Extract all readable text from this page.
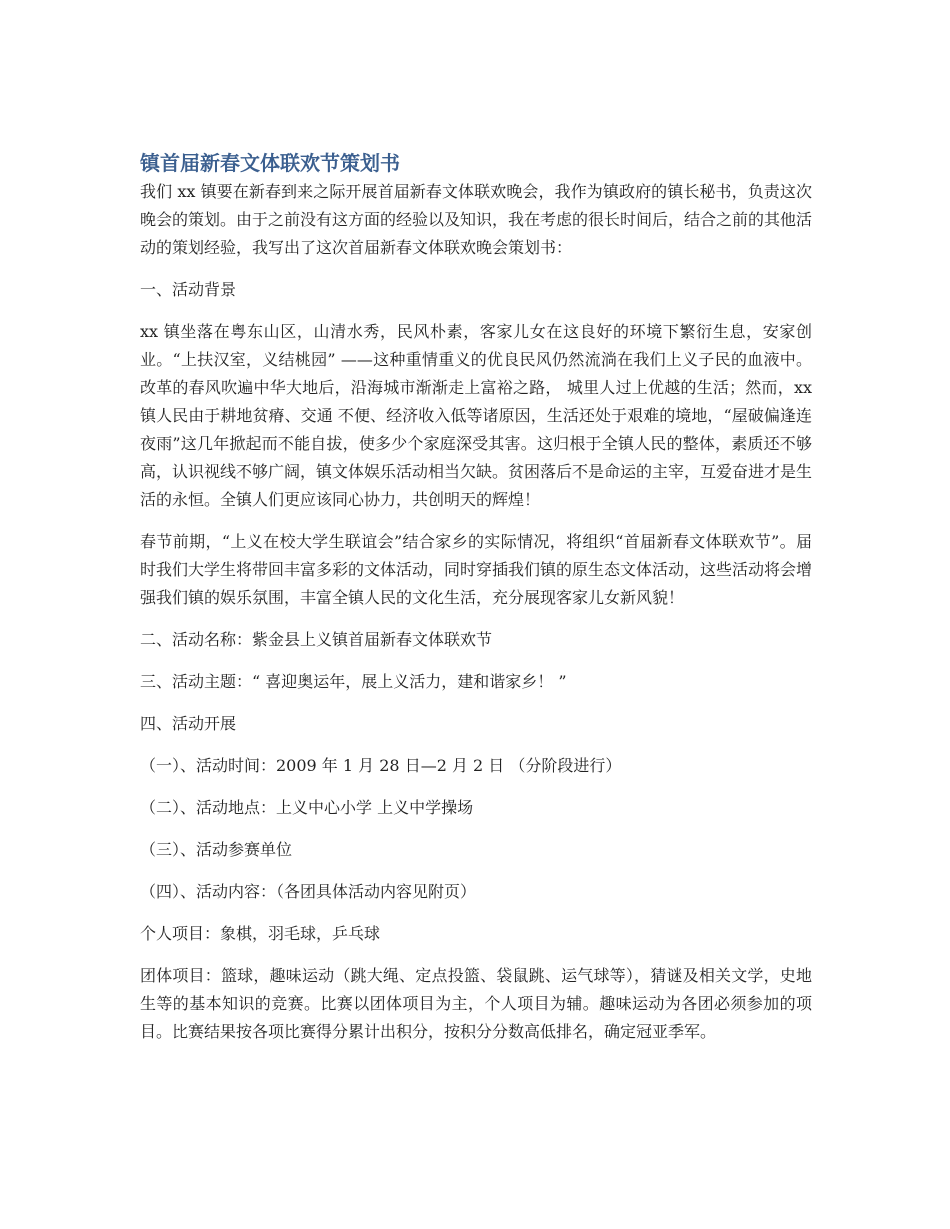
镇首届新春文体联欢节策划书
我们 xx 镇要在新春到来之际开展首届新春文体联欢晚会，我作为镇政府的镇长秘书，负责这次晚会的策划。由于之前没有这方面的经验以及知识，我在考虑的很长时间后，结合之前的其他活动的策划经验，我写出了这次首届新春文体联欢晚会策划书：
一、活动背景
xx 镇坐落在粤东山区，山清水秀，民风朴素，客家儿女在这良好的环境下繁衍生息，安家创业。“上扶汉室，义结桃园” ——这种重情重义的优良民风仍然流淌在我们上义子民的血液中。改革的春风吹遍中华大地后，沿海城市渐渐走上富裕之路， 城里人过上优越的生活；然而，xx 镇人民由于耕地贫瘠、交通 不便、经济收入低等诸原因，生活还处于艰难的境地，“屋破偏逢连夜雨”这几年掀起而不能自拔，使多少个家庭深受其害。这归根于全镇人民的整体，素质还不够高，认识视线不够广阔，镇文体娱乐活动相当欠缺。贫困落后不是命运的主宰，互爱奋进才是生活的永恒。全镇人们更应该同心协力，共创明天的辉煌！
春节前期，“上义在校大学生联谊会”结合家乡的实际情况，将组织“首届新春文体联欢节”。届时我们大学生将带回丰富多彩的文体活动，同时穿插我们镇的原生态文体活动，这些活动将会增强我们镇的娱乐氛围，丰富全镇人民的文化生活，充分展现客家儿女新风貌！
二、活动名称：紫金县上义镇首届新春文体联欢节
三、活动主题：“ 喜迎奥运年，展上义活力，建和谐家乡！ ”
四、活动开展
（一）、活动时间：2009 年 1 月 28 日—2 月 2 日 （分阶段进行）
（二）、活动地点：上义中心小学 上义中学操场
（三）、活动参赛单位
（四）、活动内容：（各团具体活动内容见附页）
个人项目：象棋，羽毛球，乒乓球
团体项目：篮球，趣味运动（跳大绳、定点投篮、袋鼠跳、运气球等），猜谜及相关文学，史地生等的基本知识的竞赛。比赛以团体项目为主，个人项目为辅。趣味运动为各团必须参加的项目。比赛结果按各项比赛得分累计出积分，按积分分数高低排名，确定冠亚季军。
